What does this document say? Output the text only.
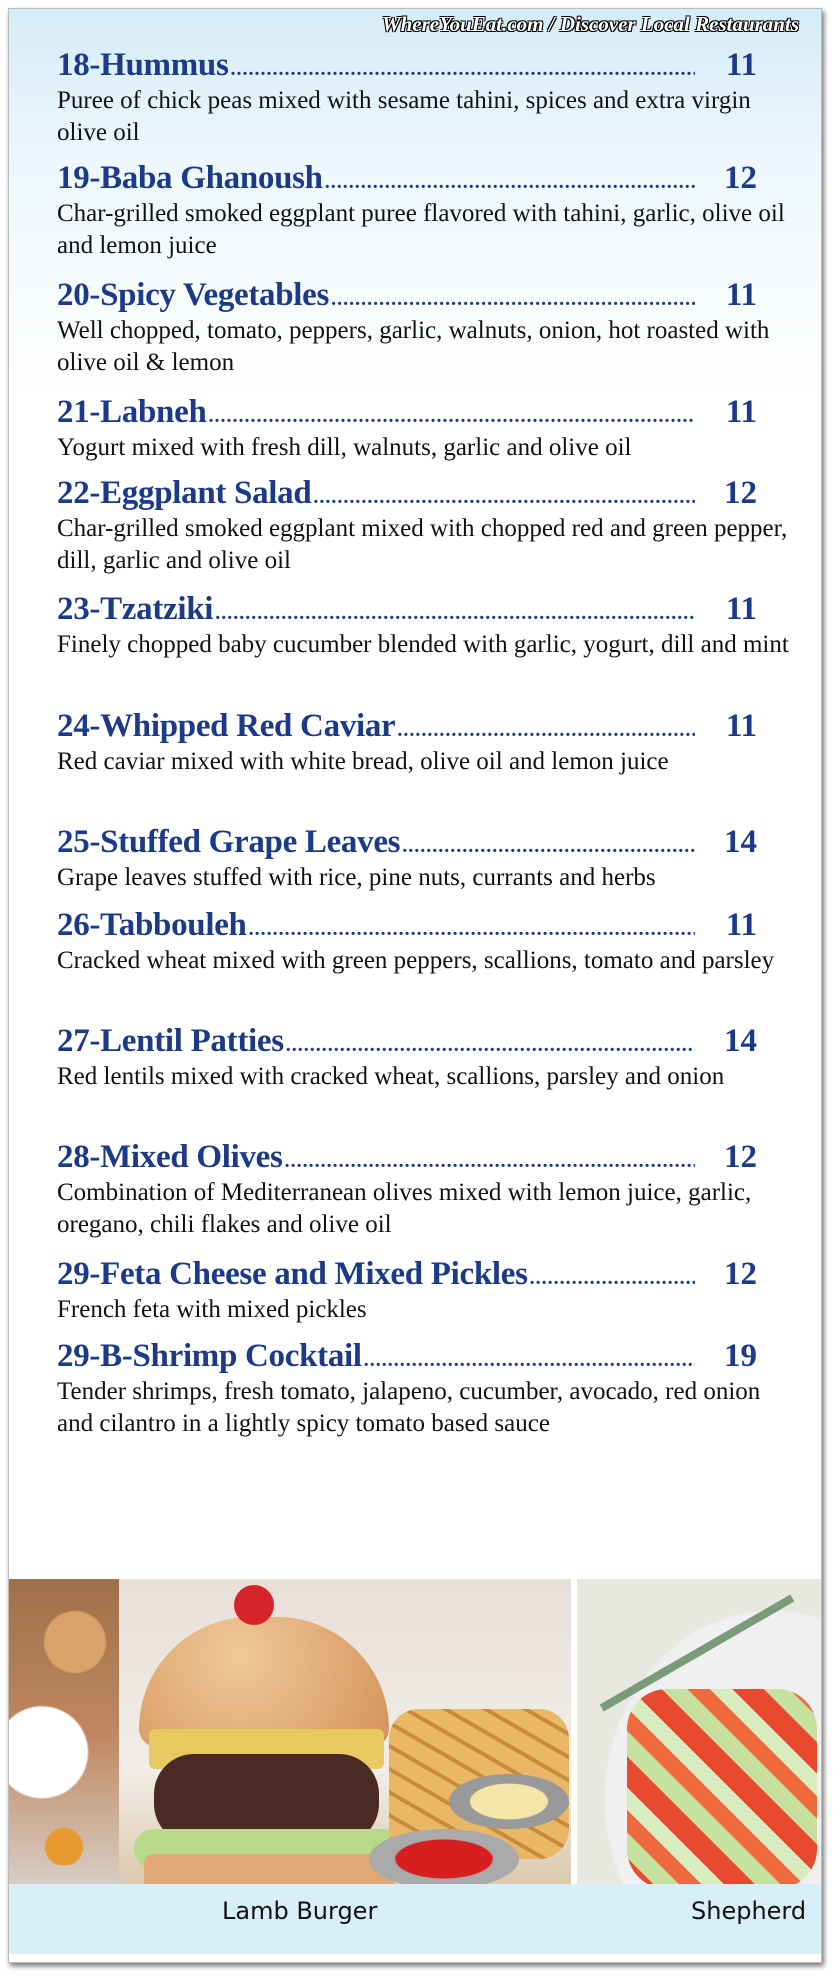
WhereYouEat.com / Discover Local Restaurants
18-Hummus .....	11
Puree of chick peas mixed with sesame tahini, spices and extra virgin olive oil
19-Baba Ghanoush .....	12
Char-grilled smoked eggplant puree flavored with tahini, garlic, olive oil and lemon juice
20-Spicy Vegetables .....	11
Well chopped, tomato, peppers, garlic, walnuts, onion, hot roasted with olive oil & lemon
21-Labneh .....	11
Yogurt mixed with fresh dill, walnuts, garlic and olive oil
22-Eggplant Salad .....	12
Char-grilled smoked eggplant mixed with chopped red and green pepper, dill, garlic and olive oil
23-Tzatziki .....	11
Finely chopped baby cucumber blended with garlic, yogurt, dill and mint
24-Whipped Red Caviar .....	11
Red caviar mixed with white bread, olive oil and lemon juice
25-Stuffed Grape Leaves .....	14
Grape leaves stuffed with rice, pine nuts, currants and herbs
26-Tabbouleh .....	11
Cracked wheat mixed with green peppers, scallions, tomato and parsley
27-Lentil Patties .....	14
Red lentils mixed with cracked wheat, scallions, parsley and onion
28-Mixed Olives .....	12
Combination of Mediterranean olives mixed with lemon juice, garlic, oregano, chili flakes and olive oil
29-Feta Cheese and Mixed Pickles .....	12
French feta with mixed pickles
29-B-Shrimp Cocktail .....	19
Tender shrimps, fresh tomato, jalapeno, cucumber, avocado, red onion and cilantro in a lightly spicy tomato based sauce
Lamb Burger	Shepherd
